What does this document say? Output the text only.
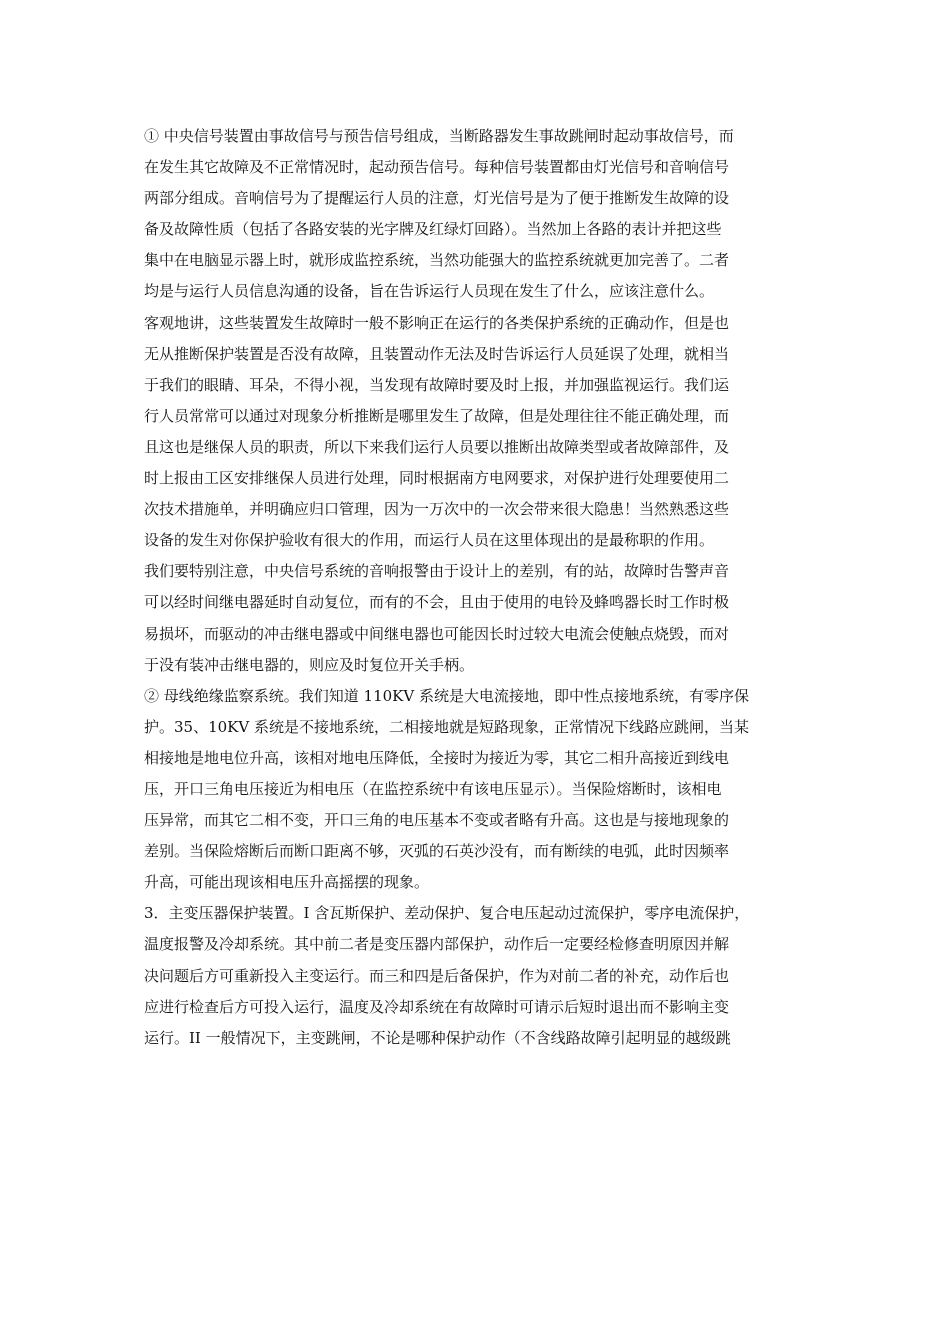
① 中央信号装置由事故信号与预告信号组成，当断路器发生事故跳闸时起动事故信号，而
在发生其它故障及不正常情况时，起动预告信号。每种信号装置都由灯光信号和音响信号
两部分组成。音响信号为了提醒运行人员的注意，灯光信号是为了便于推断发生故障的设
备及故障性质（包括了各路安装的光字牌及红绿灯回路）。当然加上各路的表计并把这些
集中在电脑显示器上时，就形成监控系统，当然功能强大的监控系统就更加完善了。二者
均是与运行人员信息沟通的设备，旨在告诉运行人员现在发生了什么，应该注意什么。
客观地讲，这些装置发生故障时一般不影响正在运行的各类保护系统的正确动作，但是也
无从推断保护装置是否没有故障，且装置动作无法及时告诉运行人员延误了处理，就相当
于我们的眼睛、耳朵，不得小视，当发现有故障时要及时上报，并加强监视运行。我们运
行人员常常可以通过对现象分析推断是哪里发生了故障，但是处理往往不能正确处理，而
且这也是继保人员的职责，所以下来我们运行人员要以推断出故障类型或者故障部件，及
时上报由工区安排继保人员进行处理，同时根据南方电网要求，对保护进行处理要使用二
次技术措施单，并明确应归口管理，因为一万次中的一次会带来很大隐患！当然熟悉这些
设备的发生对你保护验收有很大的作用，而运行人员在这里体现出的是最称职的作用。
我们要特别注意，中央信号系统的音响报警由于设计上的差别，有的站，故障时告警声音
可以经时间继电器延时自动复位，而有的不会，且由于使用的电铃及蜂鸣器长时工作时极
易损坏，而驱动的冲击继电器或中间继电器也可能因长时过较大电流会使触点烧毁，而对
于没有装冲击继电器的，则应及时复位开关手柄。
② 母线绝缘监察系统。我们知道 110KV 系统是大电流接地，即中性点接地系统，有零序保
护。35、10KV 系统是不接地系统，二相接地就是短路现象，正常情况下线路应跳闸，当某
相接地是地电位升高，该相对地电压降低，全接时为接近为零，其它二相升高接近到线电
压，开口三角电压接近为相电压（在监控系统中有该电压显示）。当保险熔断时，该相电
压异常，而其它二相不变，开口三角的电压基本不变或者略有升高。这也是与接地现象的
差别。当保险熔断后而断口距离不够，灭弧的石英沙没有，而有断续的电弧，此时因频率
升高，可能出现该相电压升高摇摆的现象。
3．主变压器保护装置。I 含瓦斯保护、差动保护、复合电压起动过流保护，零序电流保护，
温度报警及冷却系统。其中前二者是变压器内部保护，动作后一定要经检修查明原因并解
决问题后方可重新投入主变运行。而三和四是后备保护，作为对前二者的补充，动作后也
应进行检查后方可投入运行，温度及冷却系统在有故障时可请示后短时退出而不影响主变
运行。II 一般情况下，主变跳闸，不论是哪种保护动作（不含线路故障引起明显的越级跳
